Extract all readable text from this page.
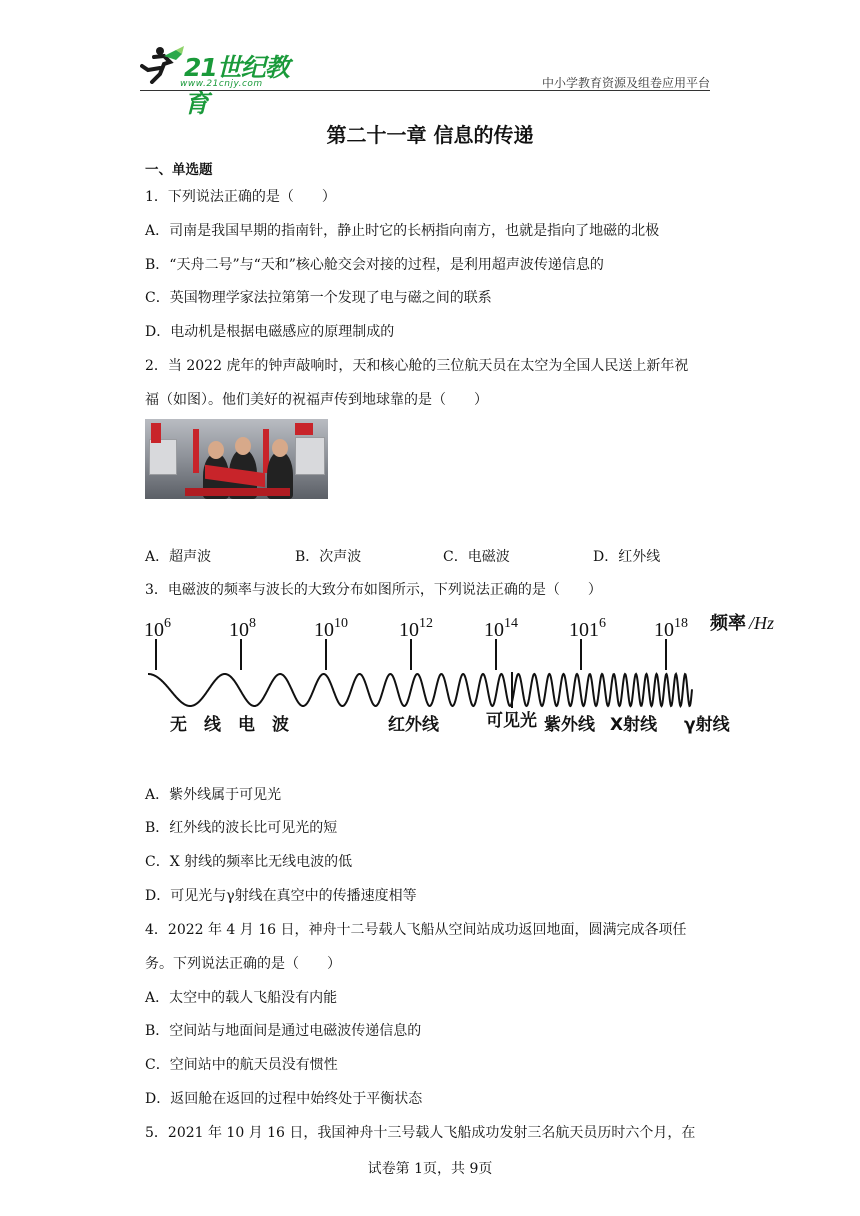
21世纪教育
www.21cnjy.com	中小学教育资源及组卷应用平台
第二十一章 信息的传递
一、单选题
1．下列说法正确的是（　　）
A．司南是我国早期的指南针，静止时它的长柄指向南方，也就是指向了地磁的北极
B．“天舟二号”与“天和”核心舱交会对接的过程，是利用超声波传递信息的
C．英国物理学家法拉第第一个发现了电与磁之间的联系
D．电动机是根据电磁感应的原理制成的
2．当 2022 虎年的钟声敲响时，天和核心舱的三位航天员在太空为全国人民送上新年祝
福（如图）。他们美好的祝福声传到地球靠的是（　　）
A．超声波	B．次声波	C．电磁波	D．红外线
3．电磁波的频率与波长的大致分布如图所示，下列说法正确的是（　　）
$10^6$	$10^8$	$10^{10}$	$10^{12}$	$10^{14}$	$101^6$ $10^{18}$ 频率 /Hz
无　线　电　波	红外线	可见光 紫外线 X射线 γ射线
A．紫外线属于可见光
B．红外线的波长比可见光的短
C．X 射线的频率比无线电波的低
D．可见光与γ射线在真空中的传播速度相等
4．2022 年 4 月 16 日，神舟十二号载人飞船从空间站成功返回地面，圆满完成各项任
务。下列说法正确的是（　　）
A．太空中的载人飞船没有内能
B．空间站与地面间是通过电磁波传递信息的
C．空间站中的航天员没有惯性
D．返回舱在返回的过程中始终处于平衡状态
5．2021 年 10 月 16 日，我国神舟十三号载人飞船成功发射三名航天员历时六个月，在
试卷第 1页，共 9页
